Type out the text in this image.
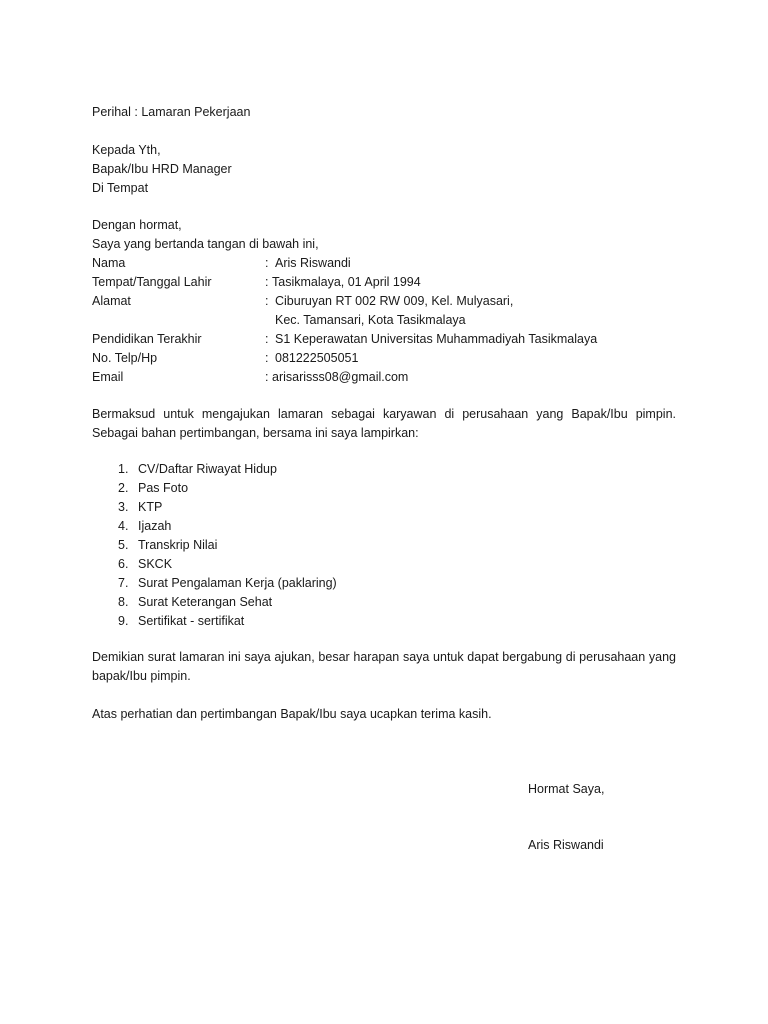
Perihal : Lamaran Pekerjaan
Kepada Yth,
Bapak/Ibu HRD Manager
Di Tempat
Dengan hormat,
Saya yang bertanda tangan di bawah ini,
Nama	: Aris Riswandi
Tempat/Tanggal Lahir	: Tasikmalaya, 01 April 1994
Alamat	: Ciburuyan RT 002 RW 009, Kel. Mulyasari,
Kec. Tamansari, Kota Tasikmalaya
Pendidikan Terakhir	: S1 Keperawatan Universitas Muhammadiyah Tasikmalaya
No. Telp/Hp	: 081222505051
Email	: arisarisss08@gmail.com
Bermaksud untuk mengajukan lamaran sebagai karyawan di perusahaan yang Bapak/Ibu pimpin. Sebagai bahan pertimbangan, bersama ini saya lampirkan:
1. CV/Daftar Riwayat Hidup
2. Pas Foto
3. KTP
4. Ijazah
5. Transkrip Nilai
6. SKCK
7. Surat Pengalaman Kerja (paklaring)
8. Surat Keterangan Sehat
9. Sertifikat - sertifikat
Demikian surat lamaran ini saya ajukan, besar harapan saya untuk dapat bergabung di perusahaan yang bapak/Ibu pimpin.
Atas perhatian dan pertimbangan Bapak/Ibu saya ucapkan terima kasih.
Hormat Saya,
Aris Riswandi
